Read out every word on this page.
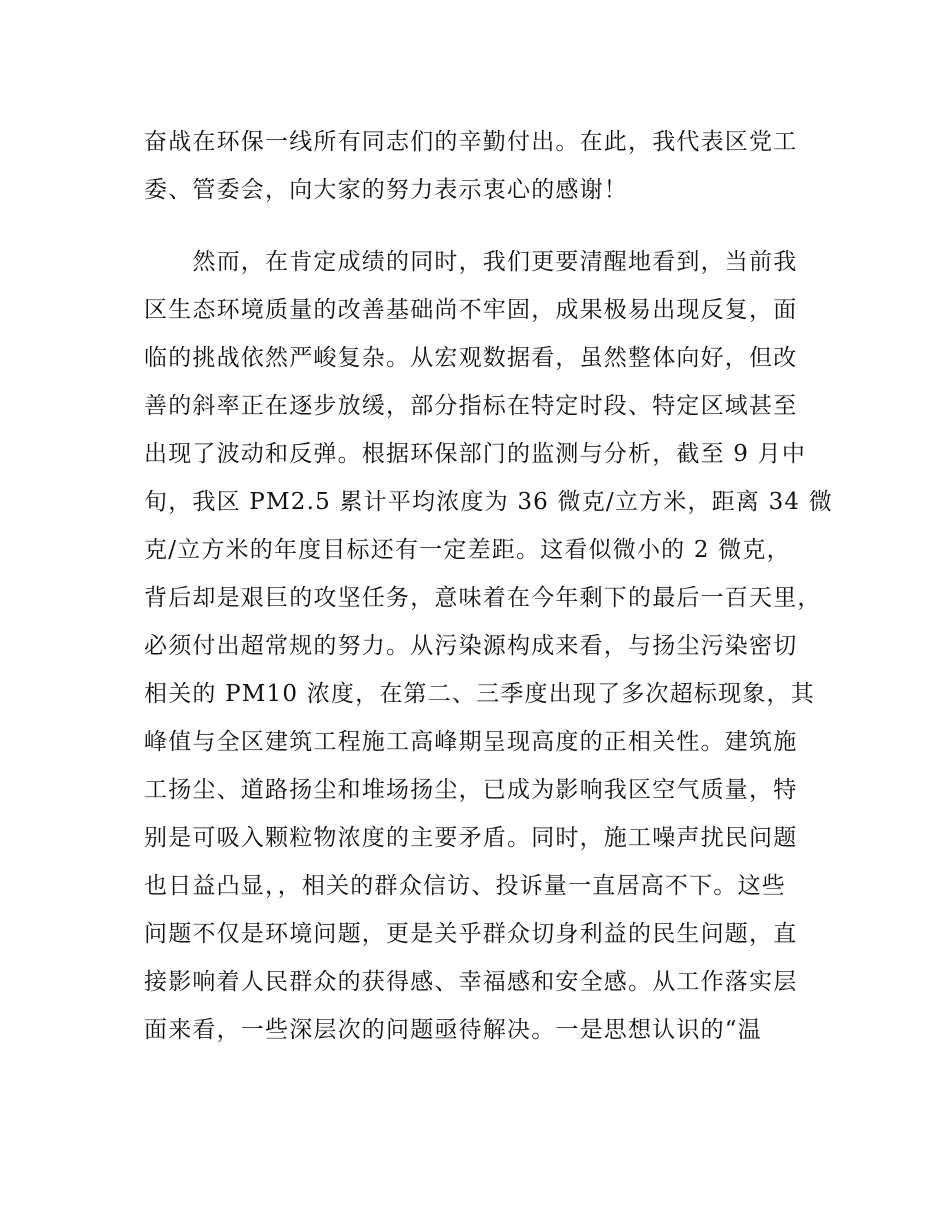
奋战在环保一线所有同志们的辛勤付出。在此，我代表区党工
委、管委会，向大家的努力表示衷心的感谢！
　　然而，在肯定成绩的同时，我们更要清醒地看到，当前我
区生态环境质量的改善基础尚不牢固，成果极易出现反复，面
临的挑战依然严峻复杂。从宏观数据看，虽然整体向好，但改
善的斜率正在逐步放缓，部分指标在特定时段、特定区域甚至
出现了波动和反弹。根据环保部门的监测与分析，截至 9 月中
旬，我区 PM2.5 累计平均浓度为 36 微克/立方米，距离 34 微
克/立方米的年度目标还有一定差距。这看似微小的 2 微克，
背后却是艰巨的攻坚任务，意味着在今年剩下的最后一百天里，
必须付出超常规的努力。从污染源构成来看，与扬尘污染密切
相关的 PM10 浓度，在第二、三季度出现了多次超标现象，其
峰值与全区建筑工程施工高峰期呈现高度的正相关性。建筑施
工扬尘、道路扬尘和堆场扬尘，已成为影响我区空气质量，特
别是可吸入颗粒物浓度的主要矛盾。同时，施工噪声扰民问题
也日益凸显，，相关的群众信访、投诉量一直居高不下。这些
问题不仅是环境问题，更是关乎群众切身利益的民生问题，直
接影响着人民群众的获得感、幸福感和安全感。从工作落实层
面来看，一些深层次的问题亟待解决。一是思想认识的“温
